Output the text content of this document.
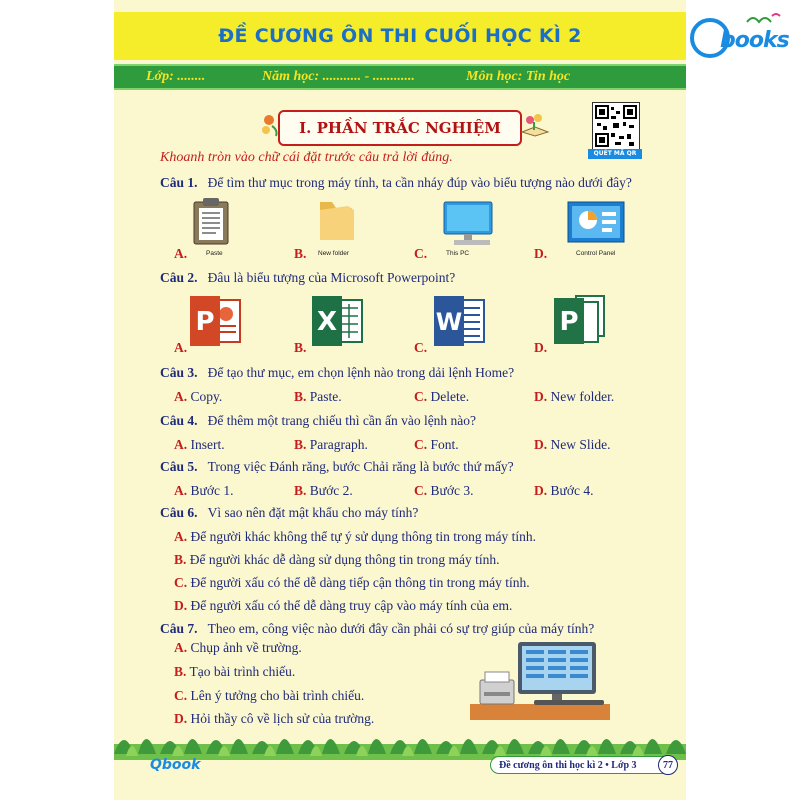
ĐỀ CƯƠNG ÔN THI CUỐI HỌC KÌ 2	books
Lớp: ........	Năm học: ........... - ............	Môn học: Tin học
I. PHẦN TRẮC NGHIỆM
QUÉT MÃ QR
Khoanh tròn vào chữ cái đặt trước câu trả lời đúng.
Câu 1. Để tìm thư mục trong máy tính, ta cần nháy đúp vào biểu tượng nào dưới đây?
A.	Paste	B. New folder	C.	This PC	D.	Control Panel
Câu 2. Đâu là biểu tượng của Microsoft Powerpoint?
P	X	W	P
A.	B.	C.	D.
Câu 3. Để tạo thư mục, em chọn lệnh nào trong dải lệnh Home?
A. Copy.	B. Paste.	C. Delete.	D. New folder.
Câu 4. Để thêm một trang chiếu thì cần ấn vào lệnh nào?
A. Insert.	B. Paragraph.	C. Font.	D. New Slide.
Câu 5. Trong việc Đánh răng, bước Chải răng là bước thứ mấy?
A. Bước 1.	B. Bước 2.	C. Bước 3.	D. Bước 4.
Câu 6. Vì sao nên đặt mật khẩu cho máy tính?
A. Để người khác không thể tự ý sử dụng thông tin trong máy tính.
B. Để người khác dễ dàng sử dụng thông tin trong máy tính.
C. Để người xấu có thể dễ dàng tiếp cận thông tin trong máy tính.
D. Để người xấu có thể dễ dàng truy cập vào máy tính của em.
Câu 7. Theo em, công việc nào dưới đây cần phải có sự trợ giúp của máy tính?
A. Chụp ảnh về trường.
B. Tạo bài trình chiếu.
C. Lên ý tưởng cho bài trình chiếu.
D. Hỏi thầy cô về lịch sử của trường.
Qbook	Đề cương ôn thi học kì 2 • Lớp 3	77
